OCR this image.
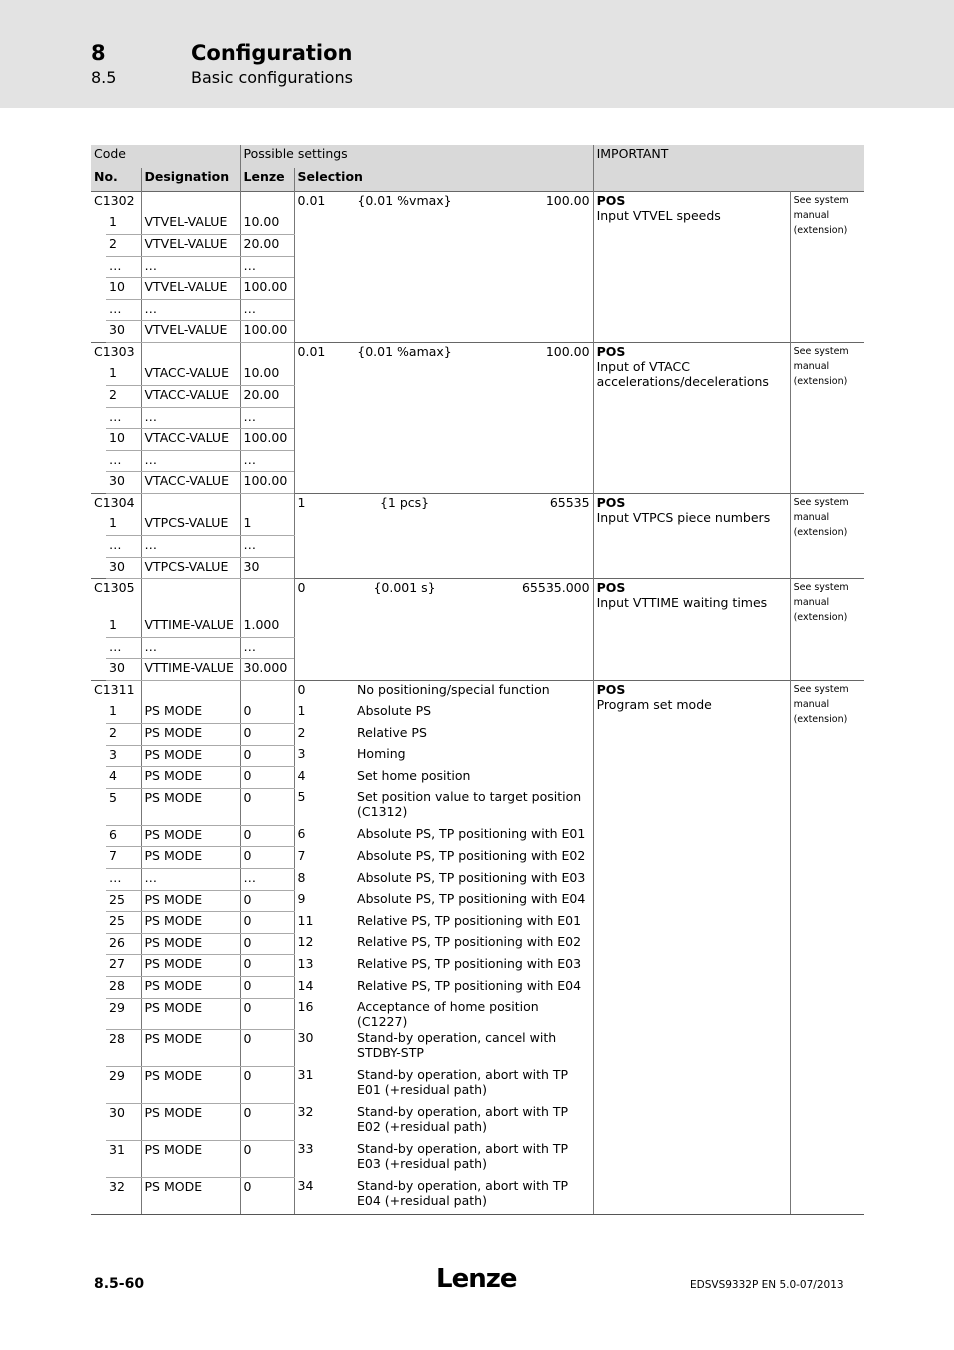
8	Configuration
8.5	Basic configurations
Code			Possible settings				IMPORTANT	
No.		Designation	Lenze	Selection				
C1302				0.01	{0.01 %vmax}	100.00	POS
Input VTVEL speeds	See system manual (extension)
	1	VTVEL-VALUE	10.00					
	2	VTVEL-VALUE	20.00					
	…	…	…					
	10	VTVEL-VALUE	100.00					
	…	…	…					
	30	VTVEL-VALUE	100.00					
C1303				0.01	{0.01 %amax}	100.00	POS
Input of VTACC accelerations/decelerations	See system manual (extension)
	1	VTACC-VALUE	10.00					
	2	VTACC-VALUE	20.00					
	…	…	…					
	10	VTACC-VALUE	100.00					
	…	…	…					
	30	VTACC-VALUE	100.00					
C1304				1	{1 pcs}	65535	POS
Input VTPCS piece numbers	See system manual (extension)
	1	VTPCS-VALUE	1					
	…	…	…					
	30	VTPCS-VALUE	30					
C1305				0	{0.001 s}	65535.000	POS
Input VTTIME waiting times	See system manual (extension)
	1	VTTIME-VALUE	1.000					
	…	…	…					
	30	VTTIME-VALUE	30.000					
C1311				0	No positioning/special function		POS
Program set mode	See system manual (extension)
	1	PS MODE	0	1	Absolute PS			
	2	PS MODE	0	2	Relative PS			
	3	PS MODE	0	3	Homing			
	4	PS MODE	0	4	Set home position			
	5	PS MODE	0	5	Set position value to target position (C1312)			
	6	PS MODE	0	6	Absolute PS, TP positioning with E01			
	7	PS MODE	0	7	Absolute PS, TP positioning with E02			
	…	…	…	8	Absolute PS, TP positioning with E03			
	25	PS MODE	0	9	Absolute PS, TP positioning with E04			
	25	PS MODE	0	11	Relative PS, TP positioning with E01			
	26	PS MODE	0	12	Relative PS, TP positioning with E02			
	27	PS MODE	0	13	Relative PS, TP positioning with E03			
	28	PS MODE	0	14	Relative PS, TP positioning with E04			
	29	PS MODE	0	16	Acceptance of home position (C1227)			
	28	PS MODE	0	30	Stand-by operation, cancel with STDBY-STP			
	29	PS MODE	0	31	Stand-by operation, abort with TP E01 (+residual path)			
	30	PS MODE	0	32	Stand-by operation, abort with TP E02 (+residual path)			
	31	PS MODE	0	33	Stand-by operation, abort with TP E03 (+residual path)			
	32	PS MODE	0	34	Stand-by operation, abort with TP E04 (+residual path)			
8.5-60	Lenze	EDSVS9332P EN 5.0-07/2013
